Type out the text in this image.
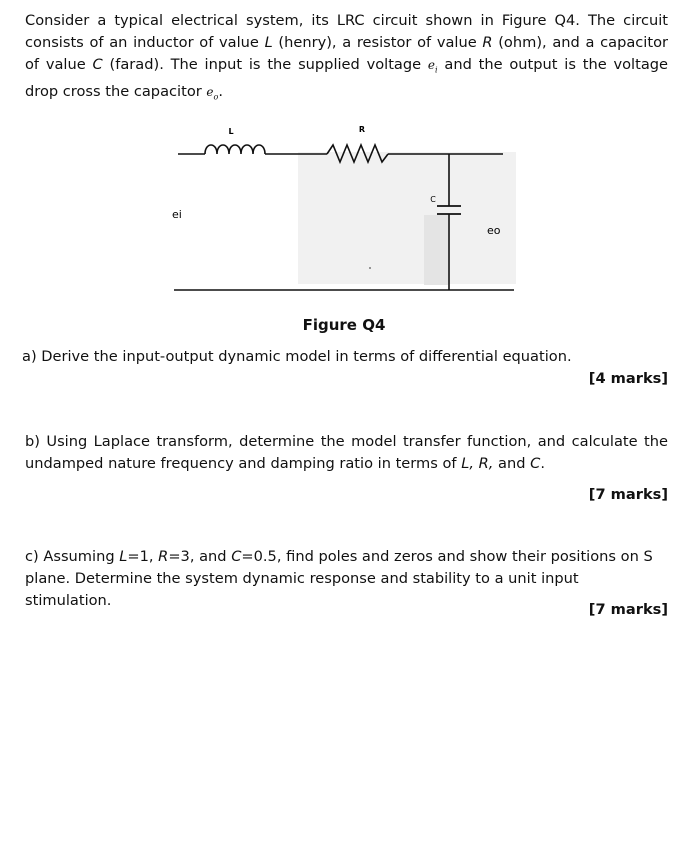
Consider a typical electrical system, its LRC circuit shown in Figure Q4. The circuit consists of an inductor of value L (henry), a resistor of value R (ohm), and a capacitor of value C (farad). The input is the supplied voltage $e_i$ and the output is the voltage drop cross the capacitor $e_o$.

L	R
C
ei
eo
Figure Q4
a) Derive the input-output dynamic model in terms of differential equation.
[4 marks]

b) Using Laplace transform, determine the model transfer function, and calculate the undamped nature frequency and damping ratio in terms of L, R, and C.

[7 marks]

c) Assuming L=1, R=3, and C=0.5, find poles and zeros and show their positions on S plane. Determine the system dynamic response and stability to a unit input stimulation.

[7 marks]
